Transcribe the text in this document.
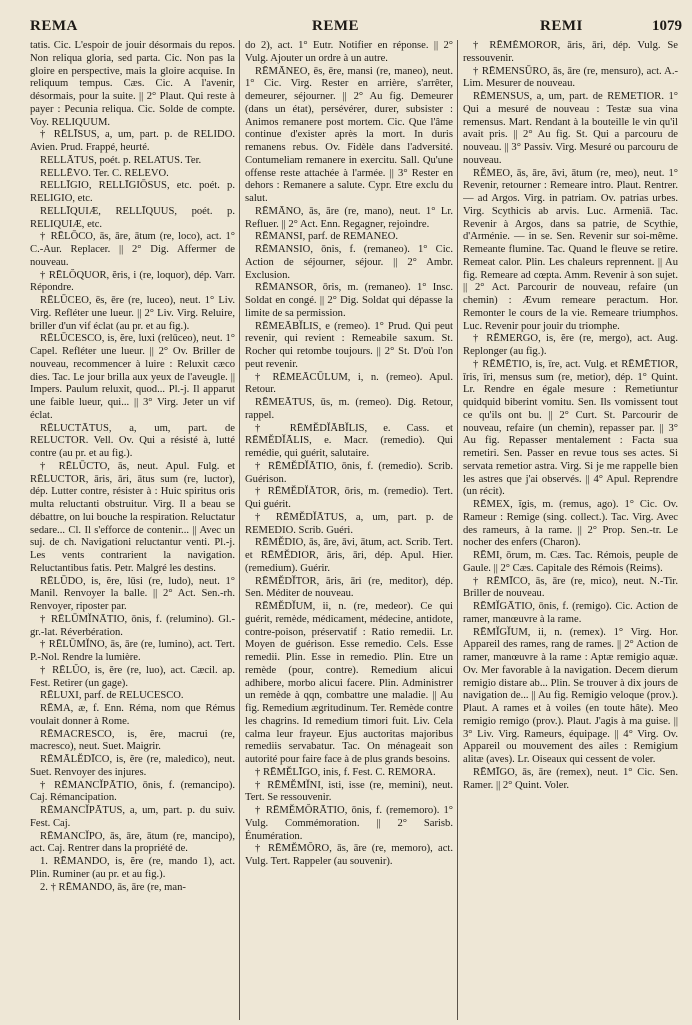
REMA	REME	REMI	1079

tatis. Cic. L'espoir de jouir désormais du repos. Non reliqua gloria, sed parta. Cic. Non pas la gloire en perspective, mais la gloire acquise. In reliquum tempus. Cæs. Cic. A l'avenir, désormais, pour la suite. || 2° Plaut. Qui reste à payer : Pecunia reliqua. Cic. Solde de compte. Voy. RELIQUUM.

† RĒLĪSUS, a, um, part. p. de RELIDO. Avien. Prud. Frappé, heurté.

RELLĀTUS, poét. p. RELATUS. Ter.

RELLĒVO. Ter. C. RELEVO.

RELLĪGIO, RELLĪGIŌSUS, etc. poét. p. RELIGIO, etc.

RELLĪQUIÆ, RELLĪQUUS, poét. p. RELIQUIÆ, etc.

† RĒLŌCO, ās, āre, ātum (re, loco), act. 1° C.-Aur. Replacer. || 2° Dig. Affermer de nouveau.

† RĒLŎQUOR, ĕris, i (re, loquor), dép. Varr. Répondre.

RĒLŪCEO, ēs, ēre (re, luceo), neut. 1° Liv. Virg. Refléter une lueur. || 2° Liv. Virg. Reluire, briller d'un vif éclat (au pr. et au fig.).

RĒLŪCESCO, is, ĕre, luxi (relūceo), neut. 1° Capel. Refléter une lueur. || 2° Ov. Briller de nouveau, recommencer à luire : Reluxit cæco dies. Tac. Le jour brilla aux yeux de l'aveugle. || Impers. Paulum reluxit, quod... Pl.-j. Il apparut une faible lueur, qui... || 3° Virg. Jeter un vif éclat.

RĒLUCTĀTUS, a, um, part. de RELUCTOR. Vell. Ov. Qui a résisté à, lutté contre (au pr. et au fig.).

† RĒLŪCTO, ās, neut. Apul. Fulg. et RĒLUCTOR, āris, āri, ātus sum (re, luctor), dép. Lutter contre, résister à : Huic spiritus oris multa reluctanti obstruitur. Virg. Il a beau se débattre, on lui bouche la respiration. Reluctatur sedare... Cl. Il s'efforce de contenir... || Avec un suj. de ch. Navigationi reluctantur venti. Pl.-j. Les vents contrarient la navigation. Reluctantibus fatis. Petr. Malgré les destins.

RĒLŪDO, is, ĕre, lūsi (re, ludo), neut. 1° Manil. Renvoyer la balle. || 2° Act. Sen.-rh. Renvoyer, riposter par.

† RĒLŪMĬNĀTIO, ōnis, f. (relumino). Gl.-gr.-lat. Réverbération.

† RĒLŪMĬNO, ās, āre (re, lumino), act. Tert. P.-Nol. Rendre la lumière.

† RĒLŬO, is, ĕre (re, luo), act. Cæcil. ap. Fest. Retirer (un gage).

RĒLUXI, parf. de RELUCESCO.

RĒMA, æ, f. Enn. Réma, nom que Rémus voulait donner à Rome.

RĒMACRESCO, is, ĕre, macrui (re, macresco), neut. Suet. Maigrir.

RĒMĀLĔDĪCO, is, ĕre (re, maledico), neut. Suet. Renvoyer des injures.

† RĒMANCĬPĀTIO, ōnis, f. (remancipo). Caj. Rémancipation.

RĒMANCĬPĀTUS, a, um, part. p. du suiv. Fest. Caj.

RĒMANCĬPO, ās, āre, ātum (re, mancipo), act. Caj. Rentrer dans la propriété de.

1. RĒMANDO, is, ĕre (re, mando 1), act. Plin. Ruminer (au pr. et au fig.).

2. † RĒMANDO, ās, āre (re, man-

do 2), act. 1° Eutr. Notifier en réponse. || 2° Vulg. Ajouter un ordre à un autre.

RĒMĀNEO, ēs, ēre, mansi (re, maneo), neut. 1° Cic. Virg. Rester en arrière, s'arrêter, demeurer, séjourner. || 2° Au fig. Demeurer (dans un état), persévérer, durer, subsister : Animos remanere post mortem. Cic. Que l'âme continue d'exister après la mort. In duris remanens rebus. Ov. Fidèle dans l'adversité. Contumeliam remanere in exercitu. Sall. Qu'une offense reste attachée à l'armée. || 3° Rester en dehors : Remanere a salute. Cypr. Etre exclu du salut.

RĒMĀNO, ās, āre (re, mano), neut. 1° Lr. Refluer. || 2° Act. Enn. Regagner, rejoindre.

RĒMANSI, parf. de REMANEO.

RĒMANSIO, ōnis, f. (remaneo). 1° Cic. Action de séjourner, séjour. || 2° Ambr. Exclusion.

RĒMANSOR, ōris, m. (remaneo). 1° Insc. Soldat en congé. || 2° Dig. Soldat qui dépasse la limite de sa permission.

RĒMEĀBĬLIS, e (remeo). 1° Prud. Qui peut revenir, qui revient : Remeabile saxum. St. Rocher qui retombe toujours. || 2° St. D'où l'on peut revenir.

† RĒMEĀCŪLUM, i, n. (remeo). Apul. Retour.

RĒMEĀTUS, ūs, m. (remeo). Dig. Retour, rappel.

† RĒMĔDĬĀBĬLIS, e. Cass. et RĒMĔDĬĀLIS, e. Macr. (remedio). Qui remédie, qui guérit, salutaire.

† RĒMĔDĬĀTIO, ōnis, f. (remedio). Scrib. Guérison.

† RĒMĔDĬĀTOR, ōris, m. (remedio). Tert. Qui guérit.

† RĒMĔDĬĀTUS, a, um, part. p. de REMEDIO. Scrib. Guéri.

RĒMĔDIO, ās, āre, āvi, ātum, act. Scrib. Tert. et RĒMĔDIOR, āris, āri, dép. Apul. Hier. (remedium). Guérir.

RĒMĔDĬTOR, āris, āri (re, meditor), dép. Sen. Méditer de nouveau.

RĒMĔDĬUM, ii, n. (re, medeor). Ce qui guérit, remède, médicament, médecine, antidote, contre-poison, préservatif : Ratio remedii. Lr. Moyen de guérison. Esse remedio. Cels. Esse remedii. Plin. Esse in remedio. Plin. Etre un remède (pour, contre). Remedium alicui adhibere, morbo alicui facere. Plin. Administrer un remède à qqn, combattre une maladie. || Au fig. Remedium ægritudinum. Ter. Remède contre les chagrins. Id remedium timori fuit. Liv. Cela calma leur frayeur. Ejus auctoritas majoribus remediis servabatur. Tac. On ménageait son autorité pour faire face à de plus grands besoins.

† RĒMĔLĪGO, inis, f. Fest. C. REMORA.

† RĒMĔMĬNI, isti, isse (re, memini), neut. Tert. Se ressouvenir.

† RĒMĔMŎRĀTIO, ōnis, f. (rememoro). 1° Vulg. Commémoration. || 2° Sarisb. Énumération.

† RĒMĔMŎRO, ās, āre (re, memoro), act. Vulg. Tert. Rappeler (au souvenir).

† RĒMĔMŎROR, āris, āri, dép. Vulg. Se ressouvenir.

† RĒMENSŪRO, ās, āre (re, mensuro), act. A.-Lim. Mesurer de nouveau.

RĒMENSUS, a, um, part. de REMETIOR. 1° Qui a mesuré de nouveau : Testæ sua vina remensus. Mart. Rendant à la bouteille le vin qu'il avait pris. || 2° Au fig. St. Qui a parcouru de nouveau. || 3° Passiv. Virg. Mesuré ou parcouru de nouveau.

RĔMEO, ās, āre, āvi, ātum (re, meo), neut. 1° Revenir, retourner : Remeare intro. Plaut. Rentrer. — ad Argos. Virg. in patriam. Ov. patrias urbes. Virg. Scythicis ab arvis. Luc. Armeniā. Tac. Revenir à Argos, dans sa patrie, de Scythie, d'Arménie. — in se. Sen. Revenir sur soi-même. Remeante flumine. Tac. Quand le fleuve se retire. Remeat calor. Plin. Les chaleurs reprennent. || Au fig. Remeare ad cœpta. Amm. Revenir à son sujet. || 2° Act. Parcourir de nouveau, refaire (un chemin) : Ævum remeare peractum. Hor. Remonter le cours de la vie. Remeare triumphos. Luc. Revenir pour jouir du triomphe.

† RĒMERGO, is, ĕre (re, mergo), act. Aug. Replonger (au fig.).

† RĒMĒTIO, is, īre, act. Vulg. et RĒMĒTIOR, īris, īri, mensus sum (re, metior), dép. 1° Quint. Lr. Rendre en égale mesure : Remetiuntur quidquid biberint vomitu. Sen. Ils vomissent tout ce qu'ils ont bu. || 2° Curt. St. Parcourir de nouveau, refaire (un chemin), repasser par. || 3° Au fig. Repasser mentalement : Facta sua remetiri. Sen. Passer en revue tous ses actes. Si servata remetior astra. Virg. Si je me rappelle bien les astres que j'ai observés. || 4° Apul. Reprendre (un récit).

RĒMEX, ĭgis, m. (remus, ago). 1° Cic. Ov. Rameur : Remige (sing. collect.). Tac. Virg. Avec des rameurs, à la rame. || 2° Prop. Sen.-tr. Le nocher des enfers (Charon).

RĒMI, ōrum, m. Cæs. Tac. Rémois, peuple de Gaule. || 2° Cæs. Capitale des Rémois (Reims).

† RĒMĪCO, ās, āre (re, mico), neut. N.-Tir. Briller de nouveau.

RĒMĬGĀTIO, ōnis, f. (remigo). Cic. Action de ramer, manœuvre à la rame.

RĒMĬGĬUM, ii, n. (remex). 1° Virg. Hor. Appareil des rames, rang de rames. || 2° Action de ramer, manœuvre à la rame : Aptæ remigio aquæ. Ov. Mer favorable à la navigation. Decem dierum remigio distare ab... Plin. Se trouver à dix jours de navigation de... || Au fig. Remigio veloque (prov.). Plaut. A rames et à voiles (en toute hâte). Meo remigio remigo (prov.). Plaut. J'agis à ma guise. || 3° Liv. Virg. Rameurs, équipage. || 4° Virg. Ov. Appareil ou mouvement des ailes : Remigium alitæ (aves). Lr. Oiseaux qui cessent de voler.

RĒMĪGO, ās, āre (remex), neut. 1° Cic. Sen. Ramer. || 2° Quint. Voler.
